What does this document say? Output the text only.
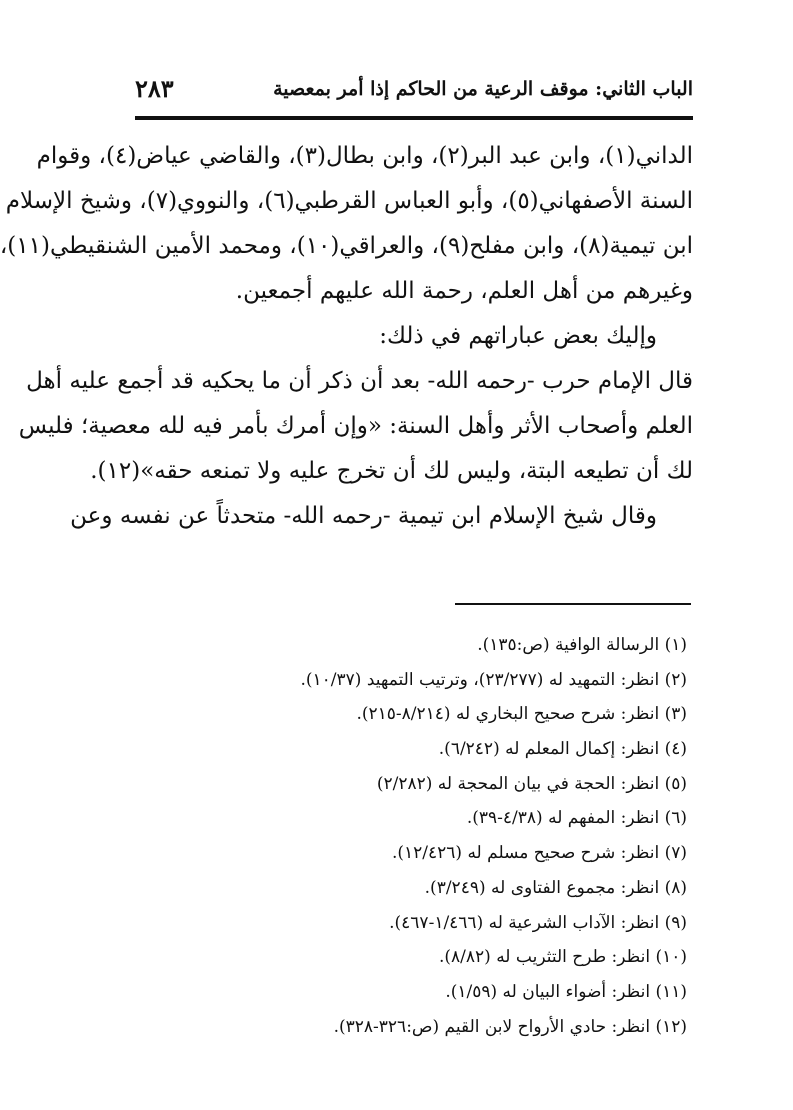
الباب الثاني: موقف الرعية من الحاكم إذا أمر بمعصية
٢٨٣
الداني(١)، وابن عبد البر(٢)، وابن بطال(٣)، والقاضي عياض(٤)، وقوام
السنة الأصفهاني(٥)، وأبو العباس القرطبي(٦)، والنووي(٧)، وشيخ الإسلام
ابن تيمية(٨)، وابن مفلح(٩)، والعراقي(١٠)، ومحمد الأمين الشنقيطي(١١)،
وغيرهم من أهل العلم، رحمة الله عليهم أجمعين.
وإليك بعض عباراتهم في ذلك:
قال الإمام حرب -رحمه الله- بعد أن ذكر أن ما يحكيه قد أجمع عليه أهل
العلم وأصحاب الأثر وأهل السنة: «وإن أمرك بأمر فيه لله معصية؛ فليس
لك أن تطيعه البتة، وليس لك أن تخرج عليه ولا تمنعه حقه»(١٢).
وقال شيخ الإسلام ابن تيمية -رحمه الله- متحدثاً عن نفسه وعن
(١) الرسالة الوافية (ص:١٣٥).
(٢) انظر: التمهيد له (٢٣/٢٧٧)، وترتيب التمهيد (١٠/٣٧).
(٣) انظر: شرح صحيح البخاري له (٨/٢١٤-٢١٥).
(٤) انظر: إكمال المعلم له (٦/٢٤٢).
(٥) انظر: الحجة في بيان المحجة له (٢/٢٨٢)
(٦) انظر: المفهم له (٤/٣٨-٣٩).
(٧) انظر: شرح صحيح مسلم له (١٢/٤٢٦).
(٨) انظر: مجموع الفتاوى له (٣/٢٤٩).
(٩) انظر: الآداب الشرعية له (١/٤٦٦-٤٦٧).
(١٠) انظر: طرح التثريب له (٨/٨٢).
(١١) انظر: أضواء البيان له (١/٥٩).
(١٢) انظر: حادي الأرواح لابن القيم (ص:٣٢٦-٣٢٨).
